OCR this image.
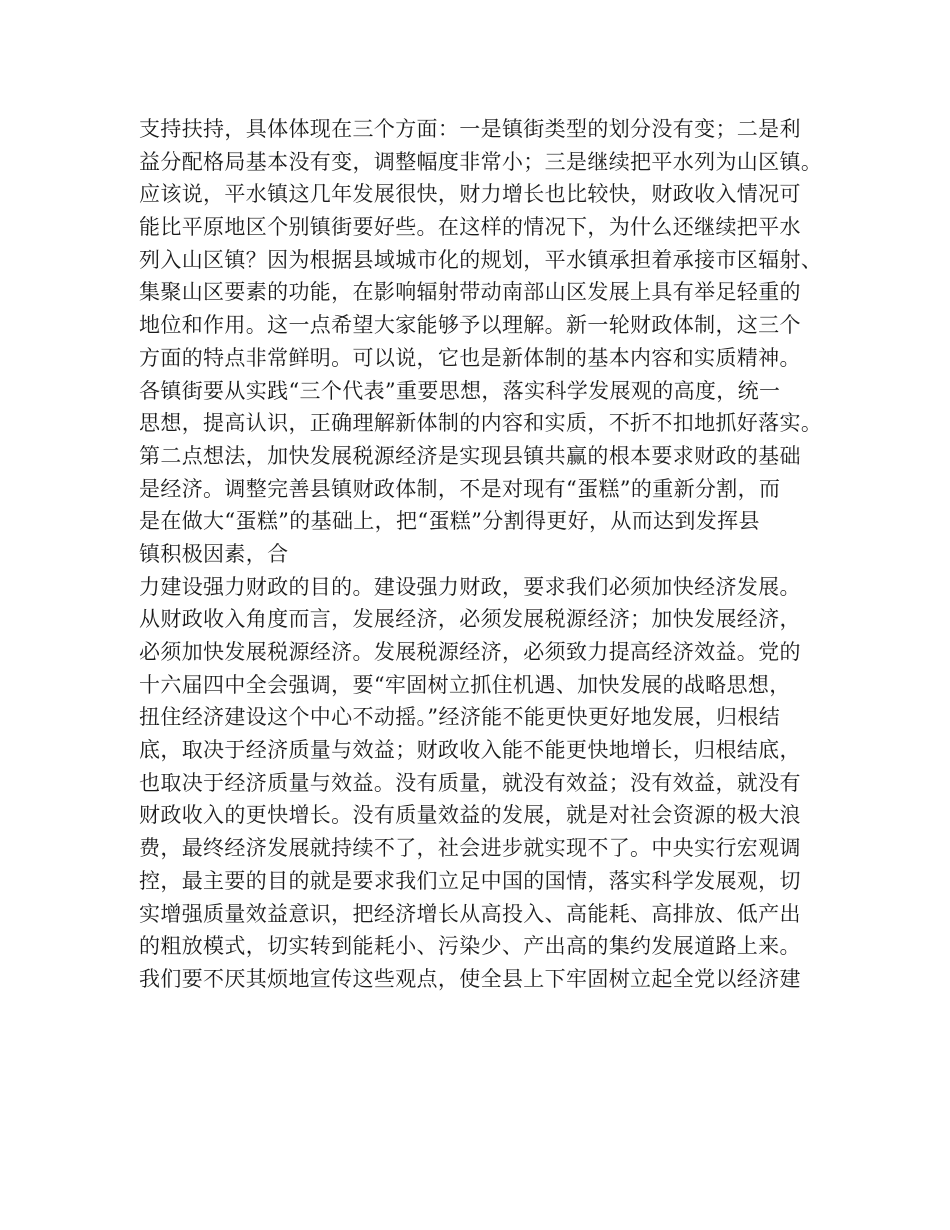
支持扶持，具体体现在三个方面：一是镇街类型的划分没有变；二是利
益分配格局基本没有变，调整幅度非常小；三是继续把平水列为山区镇。
应该说，平水镇这几年发展很快，财力增长也比较快，财政收入情况可
能比平原地区个别镇街要好些。在这样的情况下，为什么还继续把平水
列入山区镇？因为根据县域城市化的规划，平水镇承担着承接市区辐射、
集聚山区要素的功能，在影响辐射带动南部山区发展上具有举足轻重的
地位和作用。这一点希望大家能够予以理解。新一轮财政体制，这三个
方面的特点非常鲜明。可以说，它也是新体制的基本内容和实质精神。
各镇街要从实践“三个代表”重要思想，落实科学发展观的高度，统一
思想，提高认识，正确理解新体制的内容和实质，不折不扣地抓好落实。
第二点想法，加快发展税源经济是实现县镇共赢的根本要求财政的基础
是经济。调整完善县镇财政体制，不是对现有“蛋糕”的重新分割，而
是在做大“蛋糕”的基础上，把“蛋糕”分割得更好，从而达到发挥县
镇积极因素，合
力建设强力财政的目的。建设强力财政，要求我们必须加快经济发展。
从财政收入角度而言，发展经济，必须发展税源经济；加快发展经济，
必须加快发展税源经济。发展税源经济，必须致力提高经济效益。党的
十六届四中全会强调，要“牢固树立抓住机遇、加快发展的战略思想，
扭住经济建设这个中心不动摇。”经济能不能更快更好地发展，归根结
底，取决于经济质量与效益；财政收入能不能更快地增长，归根结底，
也取决于经济质量与效益。没有质量，就没有效益；没有效益，就没有
财政收入的更快增长。没有质量效益的发展，就是对社会资源的极大浪
费，最终经济发展就持续不了，社会进步就实现不了。中央实行宏观调
控，最主要的目的就是要求我们立足中国的国情，落实科学发展观，切
实增强质量效益意识，把经济增长从高投入、高能耗、高排放、低产出
的粗放模式，切实转到能耗小、污染少、产出高的集约发展道路上来。
我们要不厌其烦地宣传这些观点，使全县上下牢固树立起全党以经济建
